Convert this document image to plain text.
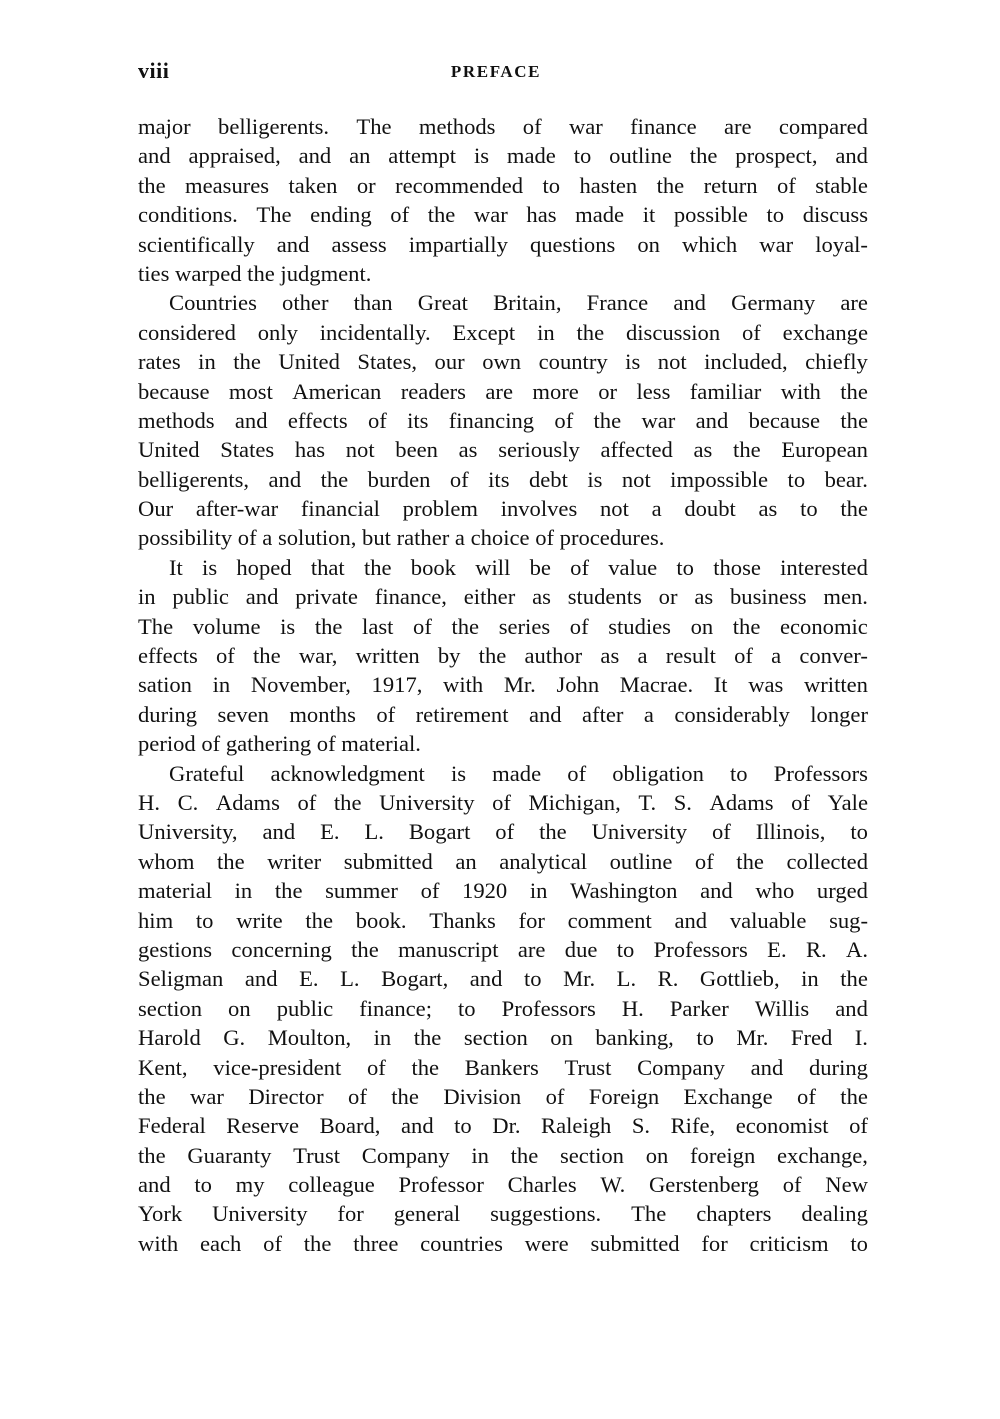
viii	PREFACE

major belligerents. The methods of war finance are compared
and appraised, and an attempt is made to outline the prospect, and
the measures taken or recommended to hasten the return of stable
conditions. The ending of the war has made it possible to discuss
scientifically and assess impartially questions on which war loyal-
ties warped the judgment.

Countries other than Great Britain, France and Germany are
considered only incidentally. Except in the discussion of exchange
rates in the United States, our own country is not included, chiefly
because most American readers are more or less familiar with the
methods and effects of its financing of the war and because the
United States has not been as seriously affected as the European
belligerents, and the burden of its debt is not impossible to bear.
Our after-war financial problem involves not a doubt as to the
possibility of a solution, but rather a choice of procedures.

It is hoped that the book will be of value to those interested
in public and private finance, either as students or as business men.
The volume is the last of the series of studies on the economic
effects of the war, written by the author as a result of a conver-
sation in November, 1917, with Mr. John Macrae. It was written
during seven months of retirement and after a considerably longer
period of gathering of material.

Grateful acknowledgment is made of obligation to Professors
H. C. Adams of the University of Michigan, T. S. Adams of Yale
University, and E. L. Bogart of the University of Illinois, to
whom the writer submitted an analytical outline of the collected
material in the summer of 1920 in Washington and who urged
him to write the book. Thanks for comment and valuable sug-
gestions concerning the manuscript are due to Professors E. R. A.
Seligman and E. L. Bogart, and to Mr. L. R. Gottlieb, in the
section on public finance; to Professors H. Parker Willis and
Harold G. Moulton, in the section on banking, to Mr. Fred I.
Kent, vice-president of the Bankers Trust Company and during
the war Director of the Division of Foreign Exchange of the
Federal Reserve Board, and to Dr. Raleigh S. Rife, economist of
the Guaranty Trust Company in the section on foreign exchange,
and to my colleague Professor Charles W. Gerstenberg of New
York University for general suggestions. The chapters dealing
with each of the three countries were submitted for criticism to
